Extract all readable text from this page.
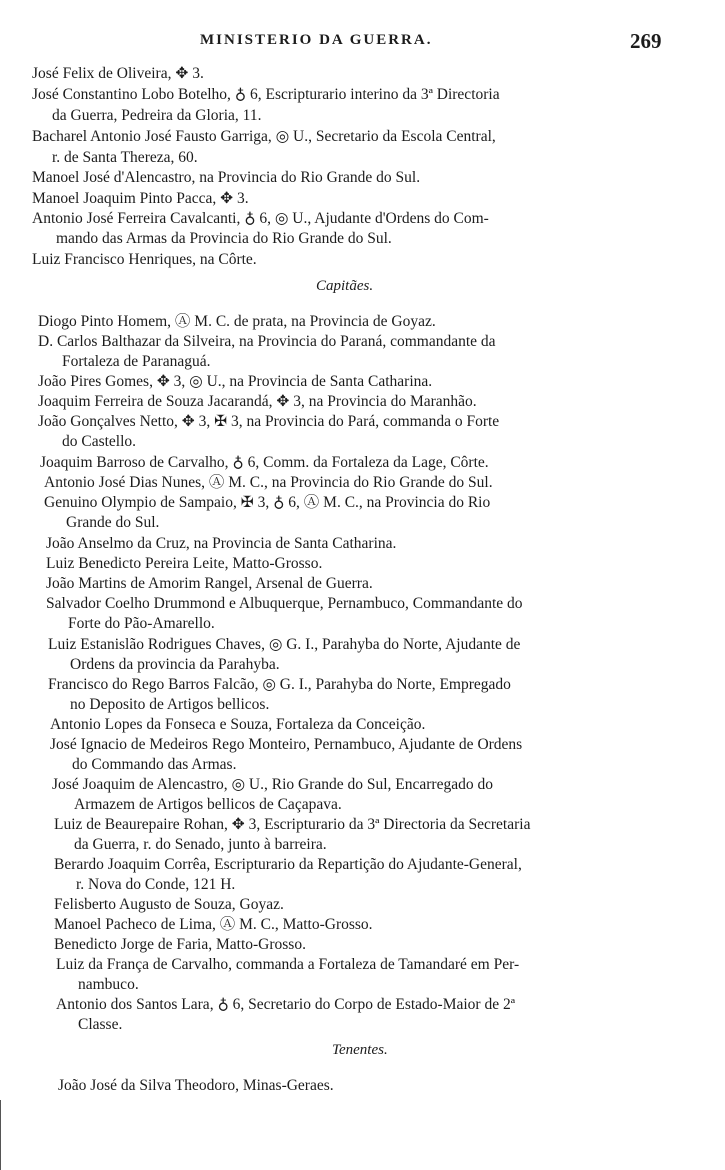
MINISTERIO DA GUERRA.	269
José Felix de Oliveira, ✥ 3.
José Constantino Lobo Botelho, ♁ 6, Escripturario interino da 3ª Directoria
da Guerra, Pedreira da Gloria, 11.
Bacharel Antonio José Fausto Garriga, ◎ U., Secretario da Escola Central,
r. de Santa Thereza, 60.
Manoel José d'Alencastro, na Provincia do Rio Grande do Sul.
Manoel Joaquim Pinto Pacca, ✥ 3.
Antonio José Ferreira Cavalcanti, ♁ 6, ◎ U., Ajudante d'Ordens do Com-
mando das Armas da Provincia do Rio Grande do Sul.
Luiz Francisco Henriques, na Côrte.
Capitães.
Diogo Pinto Homem, Ⓐ M. C. de prata, na Provincia de Goyaz.
D. Carlos Balthazar da Silveira, na Provincia do Paraná, commandante da
Fortaleza de Paranaguá.
João Pires Gomes, ✥ 3, ◎ U., na Provincia de Santa Catharina.
Joaquim Ferreira de Souza Jacarandá, ✥ 3, na Provincia do Maranhão.
João Gonçalves Netto, ✥ 3, ✠ 3, na Provincia do Pará, commanda o Forte
do Castello.
Joaquim Barroso de Carvalho, ♁ 6, Comm. da Fortaleza da Lage, Côrte.
Antonio José Dias Nunes, Ⓐ M. C., na Provincia do Rio Grande do Sul.
Genuino Olympio de Sampaio, ✠ 3, ♁ 6, Ⓐ M. C., na Provincia do Rio
Grande do Sul.
João Anselmo da Cruz, na Provincia de Santa Catharina.
Luiz Benedicto Pereira Leite, Matto-Grosso.
João Martins de Amorim Rangel, Arsenal de Guerra.
Salvador Coelho Drummond e Albuquerque, Pernambuco, Commandante do
Forte do Pão-Amarello.
Luiz Estanislão Rodrigues Chaves, ◎ G. I., Parahyba do Norte, Ajudante de
Ordens da provincia da Parahyba.
Francisco do Rego Barros Falcão, ◎ G. I., Parahyba do Norte, Empregado
no Deposito de Artigos bellicos.
Antonio Lopes da Fonseca e Souza, Fortaleza da Conceição.
José Ignacio de Medeiros Rego Monteiro, Pernambuco, Ajudante de Ordens
do Commando das Armas.
José Joaquim de Alencastro, ◎ U., Rio Grande do Sul, Encarregado do
Armazem de Artigos bellicos de Caçapava.
Luiz de Beaurepaire Rohan, ✥ 3, Escripturario da 3ª Directoria da Secretaria
da Guerra, r. do Senado, junto à barreira.
Berardo Joaquim Corrêa, Escripturario da Repartição do Ajudante-General,
r. Nova do Conde, 121 H.
Felisberto Augusto de Souza, Goyaz.
Manoel Pacheco de Lima, Ⓐ M. C., Matto-Grosso.
Benedicto Jorge de Faria, Matto-Grosso.
Luiz da França de Carvalho, commanda a Fortaleza de Tamandaré em Per-
nambuco.
Antonio dos Santos Lara, ♁ 6, Secretario do Corpo de Estado-Maior de 2ª
Classe.
Tenentes.
João José da Silva Theodoro, Minas-Geraes.
